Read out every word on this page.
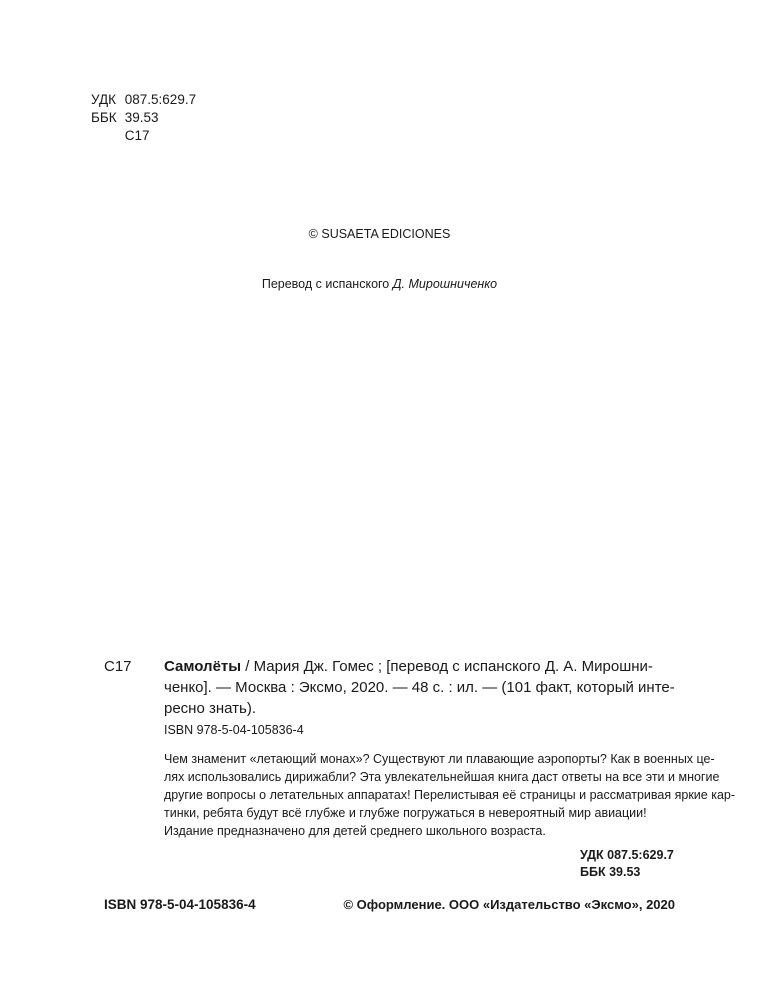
УДК 087.5:629.7
ББК 39.53
С17
© SUSAETA EDICIONES
Перевод с испанского Д. Мирошниченко
С17 Самолёты / Мария Дж. Гомес ; [перевод с испанского Д. А. Мирошни-
ченко]. — Москва : Эксмо, 2020. — 48 с. : ил. — (101 факт, который инте-
ресно знать).
ISBN 978-5-04-105836-4
Чем знаменит «летающий монах»? Существуют ли плавающие аэропорты? Как в военных це-
лях использовались дирижабли? Эта увлекательнейшая книга даст ответы на все эти и многие
другие вопросы о летательных аппаратах! Перелистывая её страницы и рассматривая яркие кар-
тинки, ребята будут всё глубже и глубже погружаться в невероятный мир авиации!
Издание предназначено для детей среднего школьного возраста.
УДК 087.5:629.7
ББК 39.53
ISBN 978-5-04-105836-4	© Оформление. ООО «Издательство «Эксмо», 2020
